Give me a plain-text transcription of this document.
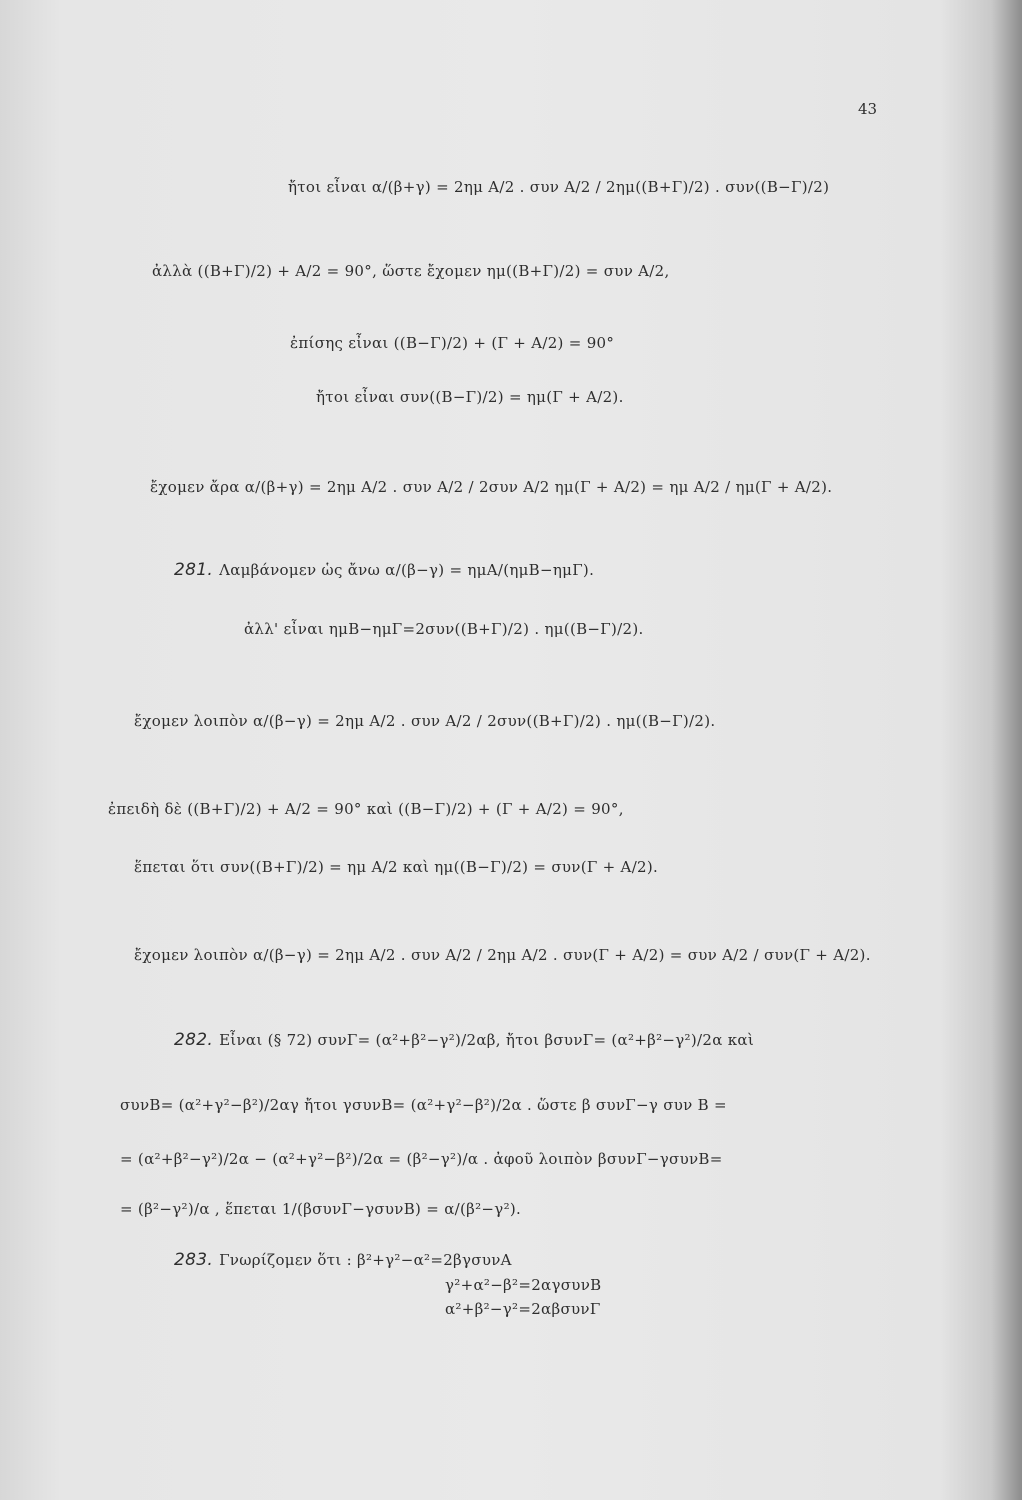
43
ἤτοι εἶναι α/(β+γ) = 2ημ A/2 . συν A/2 / 2ημ((B+Γ)/2) . συν((B−Γ)/2)
ἀλλὰ ((B+Γ)/2) + A/2 = 90°, ὥστε ἔχομεν ημ((B+Γ)/2) = συν A/2,
ἐπίσης εἶναι ((B−Γ)/2) + (Γ + A/2) = 90°
ἤτοι εἶναι συν((B−Γ)/2) = ημ(Γ + A/2).
ἔχομεν ἄρα α/(β+γ) = 2ημ A/2 . συν A/2 / 2συν A/2 ημ(Γ + A/2) = ημ A/2 / ημ(Γ + A/2).
281. Λαμβάνομεν ὡς ἄνω α/(β−γ) = ημA/(ημB−ημΓ).
ἀλλ' εἶναι ημB−ημΓ=2συν((B+Γ)/2) . ημ((B−Γ)/2).
ἔχομεν λοιπὸν α/(β−γ) = 2ημ A/2 . συν A/2 / 2συν((B+Γ)/2) . ημ((B−Γ)/2).
ἐπειδὴ δὲ ((B+Γ)/2) + A/2 = 90° καὶ ((B−Γ)/2) + (Γ + A/2) = 90°,
ἕπεται ὅτι συν((B+Γ)/2) = ημ A/2 καὶ ημ((B−Γ)/2) = συν(Γ + A/2).
ἔχομεν λοιπὸν α/(β−γ) = 2ημ A/2 . συν A/2 / 2ημ A/2 . συν(Γ + A/2) = συν A/2 / συν(Γ + A/2).
282. Εἶναι (§ 72) συνΓ= (α²+β²−γ²)/2αβ, ἤτοι βσυνΓ= (α²+β²−γ²)/2α καὶ
συνB= (α²+γ²−β²)/2αγ ἤτοι γσυνB= (α²+γ²−β²)/2α . ὥστε β συνΓ−γ συν B =
= (α²+β²−γ²)/2α − (α²+γ²−β²)/2α = (β²−γ²)/α . ἀφοῦ λοιπὸν βσυνΓ−γσυνB=
= (β²−γ²)/α , ἕπεται 1/(βσυνΓ−γσυνB) = α/(β²−γ²).
283. Γνωρίζομεν ὅτι : β²+γ²−α²=2βγσυνA
γ²+α²−β²=2αγσυνB
α²+β²−γ²=2αβσυνΓ
